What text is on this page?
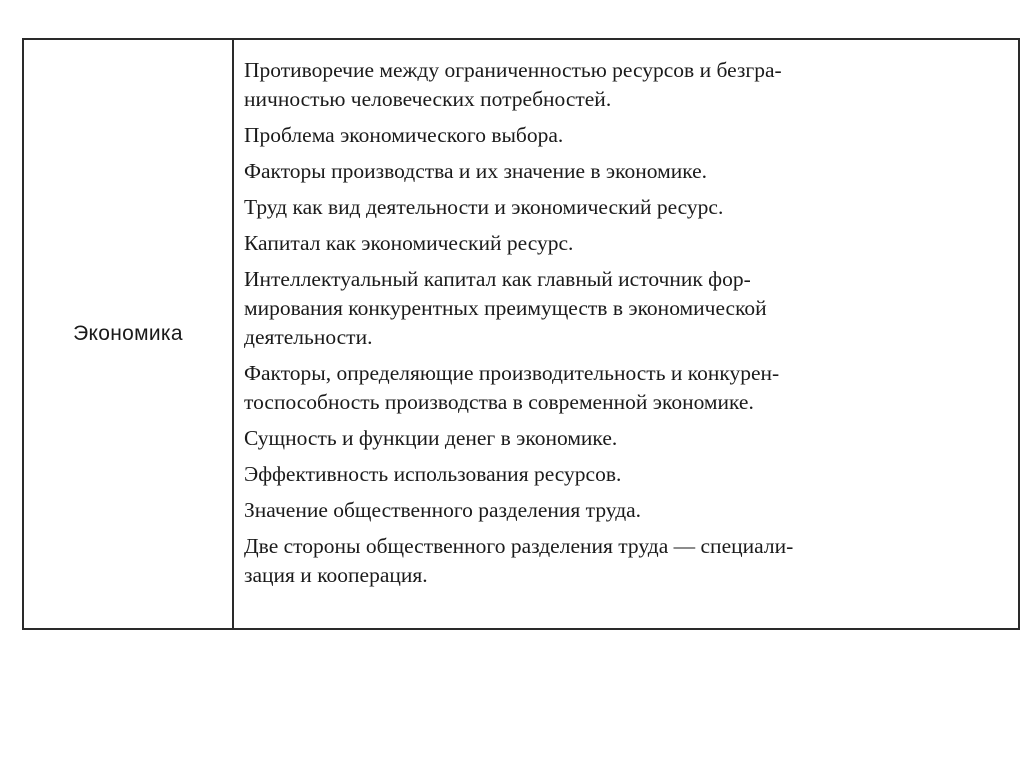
Экономика
Противоречие между ограниченностью ресурсов и безгра-
ничностью человеческих потребностей.
Проблема экономического выбора.
Факторы производства и их значение в экономике.
Труд как вид деятельности и экономический ресурс.
Капитал как экономический ресурс.
Интеллектуальный капитал как главный источник фор-
мирования конкурентных преимуществ в экономической
деятельности.
Факторы, определяющие производительность и конкурен-
тоспособность производства в современной экономике.
Сущность и функции денег в экономике.
Эффективность использования ресурсов.
Значение общественного разделения труда.
Две стороны общественного разделения труда — специали-
зация и кооперация.
